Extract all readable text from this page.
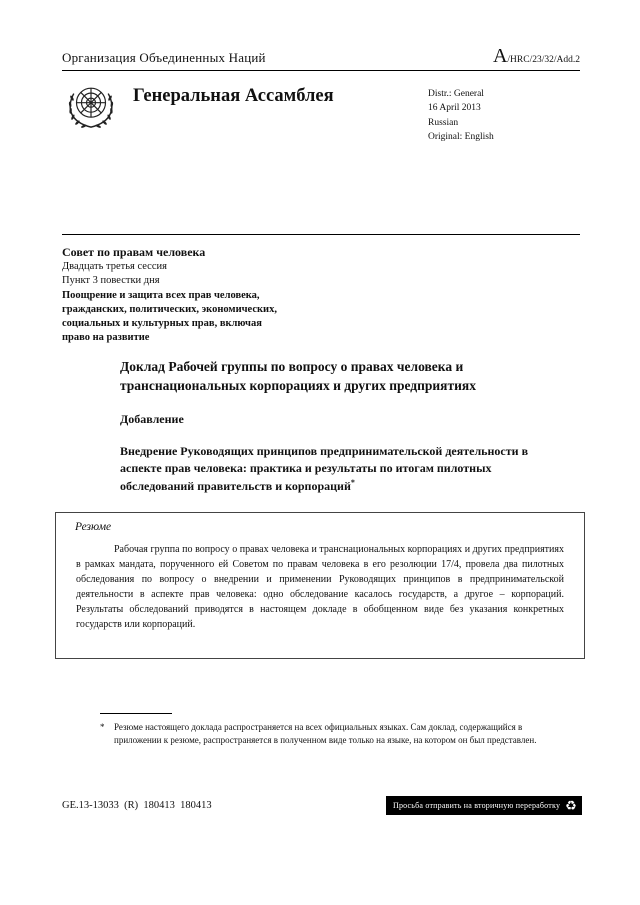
Организация Объединенных Наций	A/HRC/23/32/Add.2
Генеральная Ассамблея	Distr.: General
16 April 2013
Russian
Original: English
Совет по правам человека
Двадцать третья сессия
Пункт 3 повестки дня
Поощрение и защита всех прав человека,
гражданских, политических, экономических,
социальных и культурных прав, включая
право на развитие
Доклад Рабочей группы по вопросу о правах человека и транснациональных корпорациях и других предприятиях
Добавление
Внедрение Руководящих принципов предпринимательской деятельности в аспекте прав человека: практика и результаты по итогам пилотных обследований правительств и корпораций*
Резюме

Рабочая группа по вопросу о правах человека и транснациональных корпорациях и других предприятиях в рамках мандата, порученного ей Советом по правам человека в его резолюции 17/4, провела два пилотных обследования по вопросу о внедрении и применении Руководящих принципов в предпринимательской деятельности в аспекте прав человека: одно обследование касалось государств, а другое – корпораций. Результаты обследований приводятся в настоящем докладе в обобщенном виде без указания конкретных государств или корпораций.

*	Резюме настоящего доклада распространяется на всех официальных языках. Сам доклад, содержащийся в приложении к резюме, распространяется в полученном виде только на языке, на котором он был представлен.
GE.13-13033  (R)  180413  180413	Просьба отправить на вторичную переработку ♻
